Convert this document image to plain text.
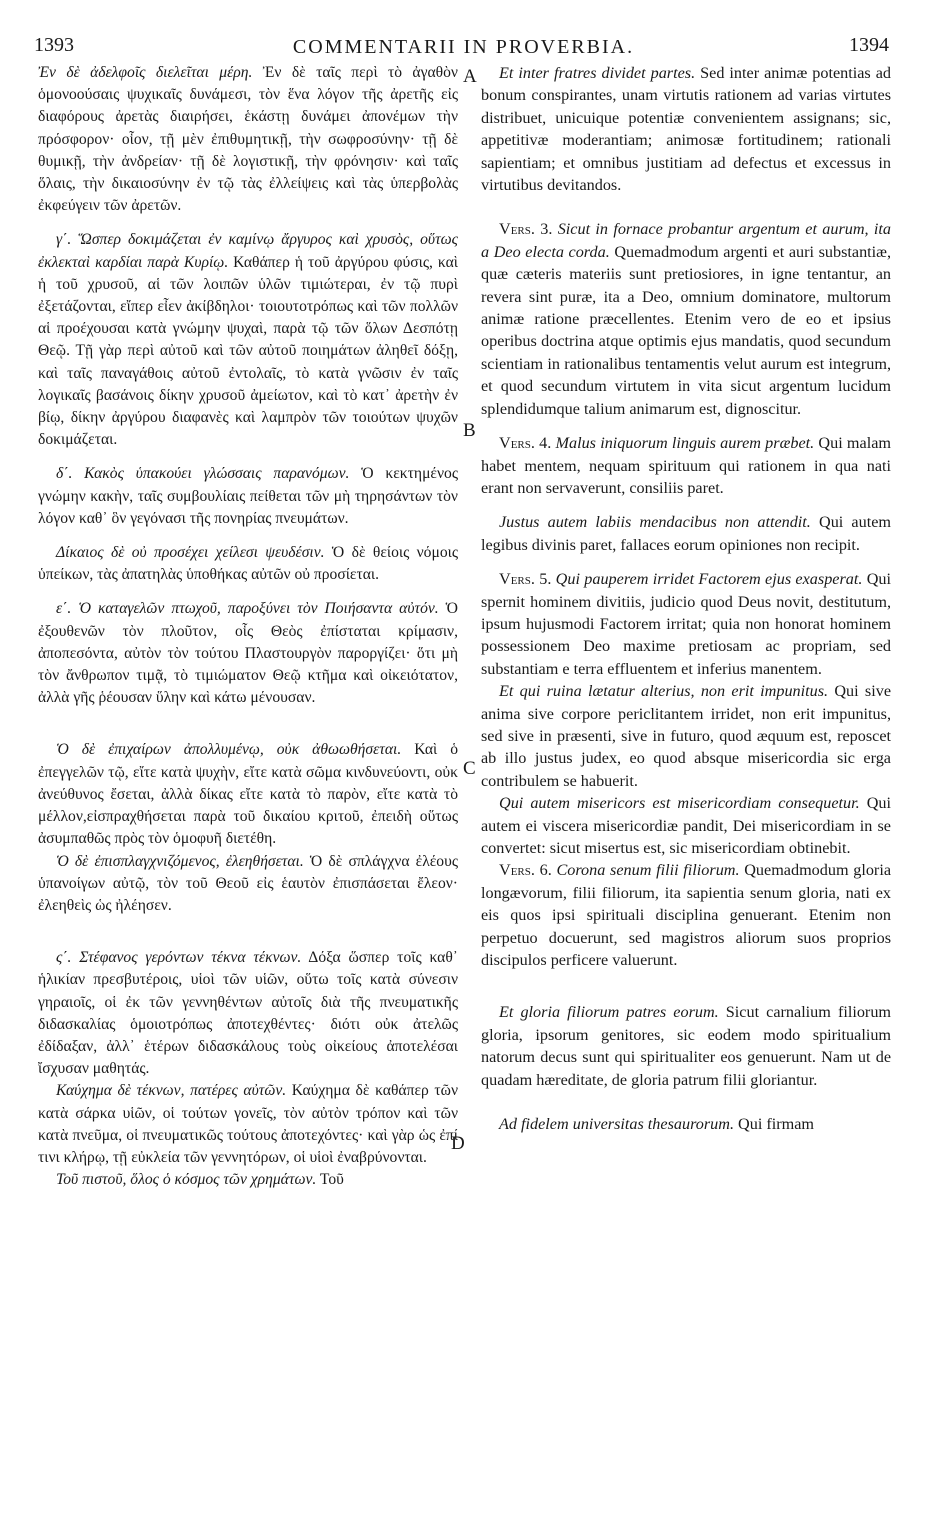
1393	COMMENTARII IN PROVERBIA.	1394
A
B
C
D

Ἐν δὲ ἀδελφοῖς διελεῖται μέρη. Ἐν δὲ ταῖς περὶ τὸ ἀγαθὸν ὁμονοούσαις ψυχικαῖς δυνάμεσι, τὸν ἕνα λόγον τῆς ἀρετῆς εἰς διαφόρους ἀρετὰς διαιρήσει, ἑκάστῃ δυνάμει ἀπονέμων τὴν πρόσφορον· οἷον, τῇ μὲν ἐπιθυμητικῇ, τὴν σωφροσύνην· τῇ δὲ θυμικῇ, τὴν ἀνδρείαν· τῇ δὲ λογιστικῇ, τὴν φρόνησιν· καὶ ταῖς ὅλαις, τὴν δικαιοσύνην ἐν τῷ τὰς ἐλλείψεις καὶ τὰς ὑπερβολὰς ἐκφεύγειν τῶν ἀρετῶν.

γ΄. Ὥσπερ δοκιμάζεται ἐν καμίνῳ ἄργυρος καὶ χρυσὸς, οὕτως ἐκλεκταὶ καρδίαι παρὰ Κυρίῳ. Καθάπερ ἡ τοῦ ἀργύρου φύσις, καὶ ἡ τοῦ χρυσοῦ, αἱ τῶν λοιπῶν ὑλῶν τιμιώτεραι, ἐν τῷ πυρὶ ἐξετάζονται, εἴπερ εἶεν ἀκίβδηλοι· τοιουτοτρόπως καὶ τῶν πολλῶν αἱ προέχουσαι κατὰ γνώμην ψυχαὶ, παρὰ τῷ τῶν ὅλων Δεσπότῃ Θεῷ. Τῇ γὰρ περὶ αὐτοῦ καὶ τῶν αὐτοῦ ποιημάτων ἀληθεῖ δόξῃ, καὶ ταῖς παναγάθοις αὐτοῦ ἐντολαῖς, τὸ κατὰ γνῶσιν ἐν ταῖς λογικαῖς βασάνοις δίκην χρυσοῦ ἀμείωτον, καὶ τὸ κατ᾽ ἀρετὴν ἐν βίῳ, δίκην ἀργύρου διαφανὲς καὶ λαμπρὸν τῶν τοιούτων ψυχῶν δοκιμάζεται.

δ΄. Κακὸς ὑπακούει γλώσσαις παρανόμων. Ὁ κεκτημένος γνώμην κακὴν, ταῖς συμβουλίαις πείθεται τῶν μὴ τηρησάντων τὸν λόγον καθ᾽ ὃν γεγόνασι τῆς πονηρίας πνευμάτων.

Δίκαιος δὲ οὐ προσέχει χείλεσι ψευδέσιν. Ὁ δὲ θείοις νόμοις ὑπείκων, τὰς ἀπατηλὰς ὑποθήκας αὐτῶν οὐ προσίεται.

ε΄. Ὁ καταγελῶν πτωχοῦ, παροξύνει τὸν Ποιήσαντα αὐτόν. Ὁ ἐξουθενῶν τὸν πλοῦτον, οἷς Θεὸς ἐπίσταται κρίμασιν, ἀποπεσόντα, αὐτὸν τὸν τούτου Πλαστουργὸν παροργίζει· ὅτι μὴ τὸν ἄνθρωπον τιμᾷ, τὸ τιμιώματον Θεῷ κτῆμα καὶ οἰκειότατον, ἀλλὰ γῆς ῥέουσαν ὕλην καὶ κάτω μένουσαν.

Ὁ δὲ ἐπιχαίρων ἀπολλυμένῳ, οὐκ ἀθωωθήσεται. Καὶ ὁ ἐπεγγελῶν τῷ, εἴτε κατὰ ψυχὴν, εἴτε κατὰ σῶμα κινδυνεύοντι, οὐκ ἀνεύθυνος ἔσεται, ἀλλὰ δίκας εἴτε κατὰ τὸ παρὸν, εἴτε κατὰ τὸ μέλλον,εἰσπραχθήσεται παρὰ τοῦ δικαίου κριτοῦ, ἐπειδὴ οὕτως ἀσυμπαθῶς πρὸς τὸν ὁμοφυῆ διετέθη.

Ὁ δὲ ἐπισπλαγχνιζόμενος, ἐλεηθήσεται. Ὁ δὲ σπλάγχνα ἐλέους ὑπανοίγων αὐτῷ, τὸν τοῦ Θεοῦ εἰς ἑαυτὸν ἐπισπάσεται ἔλεον· ἐλεηθεὶς ὡς ἠλέησεν.

ς΄. Στέφανος γερόντων τέκνα τέκνων. Δόξα ὥσπερ τοῖς καθ᾽ ἡλικίαν πρεσβυτέροις, υἱοὶ τῶν υἱῶν, οὕτω τοῖς κατὰ σύνεσιν γηραιοῖς, οἱ ἐκ τῶν γεννηθέντων αὐτοῖς διὰ τῆς πνευματικῆς διδασκαλίας ὁμοιοτρόπως ἀποτεχθέντες· διότι οὐκ ἀτελῶς ἐδίδαξαν, ἀλλ᾽ ἑτέρων διδασκάλους τοὺς οἰκείους ἀποτελέσαι ἴσχυσαν μαθητάς.

Καύχημα δὲ τέκνων, πατέρες αὐτῶν. Καύχημα δὲ καθάπερ τῶν κατὰ σάρκα υἱῶν, οἱ τούτων γονεῖς, τὸν αὐτὸν τρόπον καὶ τῶν κατὰ πνεῦμα, οἱ πνευματικῶς τούτους ἀποτεχόντες· καὶ γὰρ ὡς ἐπί τινι κλήρῳ, τῇ εὐκλεία τῶν γεννητόρων, οἱ υἱοὶ ἐναβρύνονται.

Τοῦ πιστοῦ, ὅλος ὁ κόσμος τῶν χρημάτων. Τοῦ

Et inter fratres dividet partes. Sed inter animæ potentias ad bonum conspirantes, unam virtutis rationem ad varias virtutes distribuet, unicuique potentiæ convenientem assignans; sic, appetitivæ moderantiam; animosæ fortitudinem; rationali sapientiam; et omnibus justitiam ad defectus et excessus in virtutibus devitandos.

Vers. 3. Sicut in fornace probantur argentum et aurum, ita a Deo electa corda. Quemadmodum argenti et auri substantiæ, quæ cæteris materiis sunt pretiosiores, in igne tentantur, an revera sint puræ, ita a Deo, omnium dominatore, multorum animæ ratione præcellentes. Etenim vero de eo et ipsius operibus doctrina atque optimis ejus mandatis, quod secundum scientiam in rationalibus tentamentis velut aurum est integrum, et quod secundum virtutem in vita sicut argentum lucidum splendidumque talium animarum est, dignoscitur.

Vers. 4. Malus iniquorum linguis aurem præbet. Qui malam habet mentem, nequam spirituum qui rationem in qua nati erant non servaverunt, consiliis paret.

Justus autem labiis mendacibus non attendit. Qui autem legibus divinis paret, fallaces eorum opiniones non recipit.

Vers. 5. Qui pauperem irridet Factorem ejus exasperat. Qui spernit hominem divitiis, judicio quod Deus novit, destitutum, ipsum hujusmodi Factorem irritat; quia non honorat hominem possessionem Deo maxime pretiosam ac propriam, sed substantiam e terra effluentem et inferius manentem.

Et qui ruina lætatur alterius, non erit impunitus. Qui sive anima sive corpore periclitantem irridet, non erit impunitus, sed sive in præsenti, sive in futuro, quod æquum est, reposcet ab illo justus judex, eo quod absque misericordia sic erga contribulem se habuerit.

Qui autem misericors est misericordiam consequetur. Qui autem ei viscera misericordiæ pandit, Dei misericordiam in se convertet: sicut misertus est, sic misericordiam obtinebit.

Vers. 6. Corona senum filii filiorum. Quemadmodum gloria longævorum, filii filiorum, ita sapientia senum gloria, nati ex eis quos ipsi spirituali disciplina genuerant. Etenim non perpetuo docuerunt, sed magistros aliorum suos proprios discipulos perficere valuerunt.

Et gloria filiorum patres eorum. Sicut carnalium filiorum gloria, ipsorum genitores, sic eodem modo spiritualium natorum decus sunt qui spiritualiter eos genuerunt. Nam ut de quadam hæreditate, de gloria patrum filii gloriantur.

Ad fidelem universitas thesaurorum. Qui firmam
